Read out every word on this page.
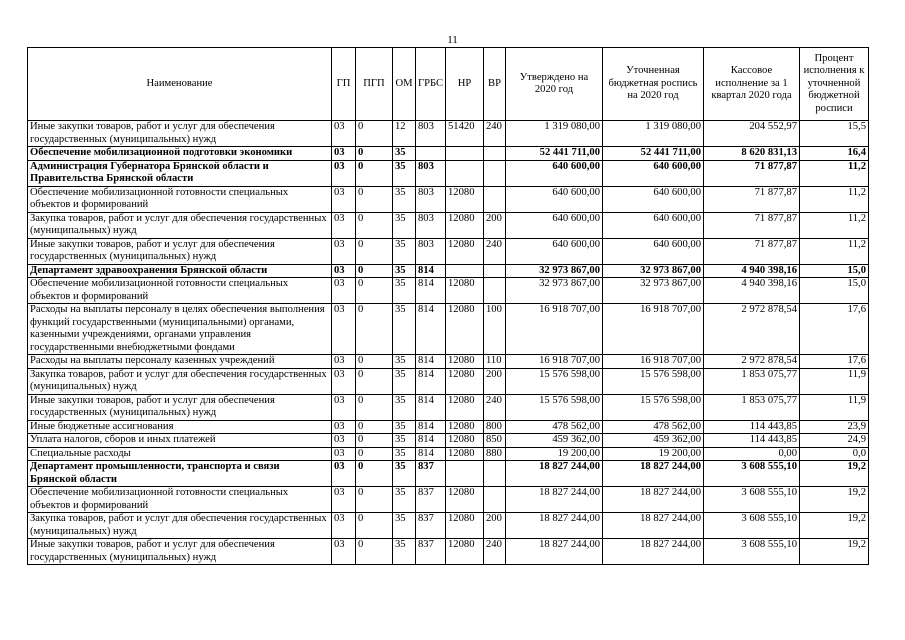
11
Наименование	ГП	ПГП	ОМ	ГРБС	НР	ВР	Утверждено на 2020 год	Уточненная бюджетная роспись на 2020 год	Кассовое исполнение за 1 квартал 2020 года	Процент исполнения к уточненной бюджетной росписи
Иные закупки товаров, работ и услуг для обеспечения государственных (муниципальных) нужд	03	0	12	803	51420	240	1 319 080,00	1 319 080,00	204 552,97	15,5
Обеспечение мобилизационной подготовки экономики	03	0	35				52 441 711,00	52 441 711,00	8 620 831,13	16,4
Администрация Губернатора Брянской области и Правительства Брянской области	03	0	35	803			640 600,00	640 600,00	71 877,87	11,2
Обеспечение мобилизационной готовности специальных объектов и формирований	03	0	35	803	12080		640 600,00	640 600,00	71 877,87	11,2
Закупка товаров, работ и услуг для обеспечения государственных (муниципальных) нужд	03	0	35	803	12080	200	640 600,00	640 600,00	71 877,87	11,2
Иные закупки товаров, работ и услуг для обеспечения государственных (муниципальных) нужд	03	0	35	803	12080	240	640 600,00	640 600,00	71 877,87	11,2
Департамент здравоохранения Брянской области	03	0	35	814			32 973 867,00	32 973 867,00	4 940 398,16	15,0
Обеспечение мобилизационной готовности специальных объектов и формирований	03	0	35	814	12080		32 973 867,00	32 973 867,00	4 940 398,16	15,0
Расходы на выплаты персоналу в целях обеспечения выполнения функций государственными (муниципальными) органами, казенными учреждениями, органами управления государственными внебюджетными фондами	03	0	35	814	12080	100	16 918 707,00	16 918 707,00	2 972 878,54	17,6
Расходы на выплаты персоналу казенных учреждений	03	0	35	814	12080	110	16 918 707,00	16 918 707,00	2 972 878,54	17,6
Закупка товаров, работ и услуг для обеспечения государственных (муниципальных) нужд	03	0	35	814	12080	200	15 576 598,00	15 576 598,00	1 853 075,77	11,9
Иные закупки товаров, работ и услуг для обеспечения государственных (муниципальных) нужд	03	0	35	814	12080	240	15 576 598,00	15 576 598,00	1 853 075,77	11,9
Иные бюджетные ассигнования	03	0	35	814	12080	800	478 562,00	478 562,00	114 443,85	23,9
Уплата налогов, сборов и иных платежей	03	0	35	814	12080	850	459 362,00	459 362,00	114 443,85	24,9
Специальные расходы	03	0	35	814	12080	880	19 200,00	19 200,00	0,00	0,0
Департамент промышленности, транспорта и связи Брянской области	03	0	35	837			18 827 244,00	18 827 244,00	3 608 555,10	19,2
Обеспечение мобилизационной готовности специальных объектов и формирований	03	0	35	837	12080		18 827 244,00	18 827 244,00	3 608 555,10	19,2
Закупка товаров, работ и услуг для обеспечения государственных (муниципальных) нужд	03	0	35	837	12080	200	18 827 244,00	18 827 244,00	3 608 555,10	19,2
Иные закупки товаров, работ и услуг для обеспечения государственных (муниципальных) нужд	03	0	35	837	12080	240	18 827 244,00	18 827 244,00	3 608 555,10	19,2
